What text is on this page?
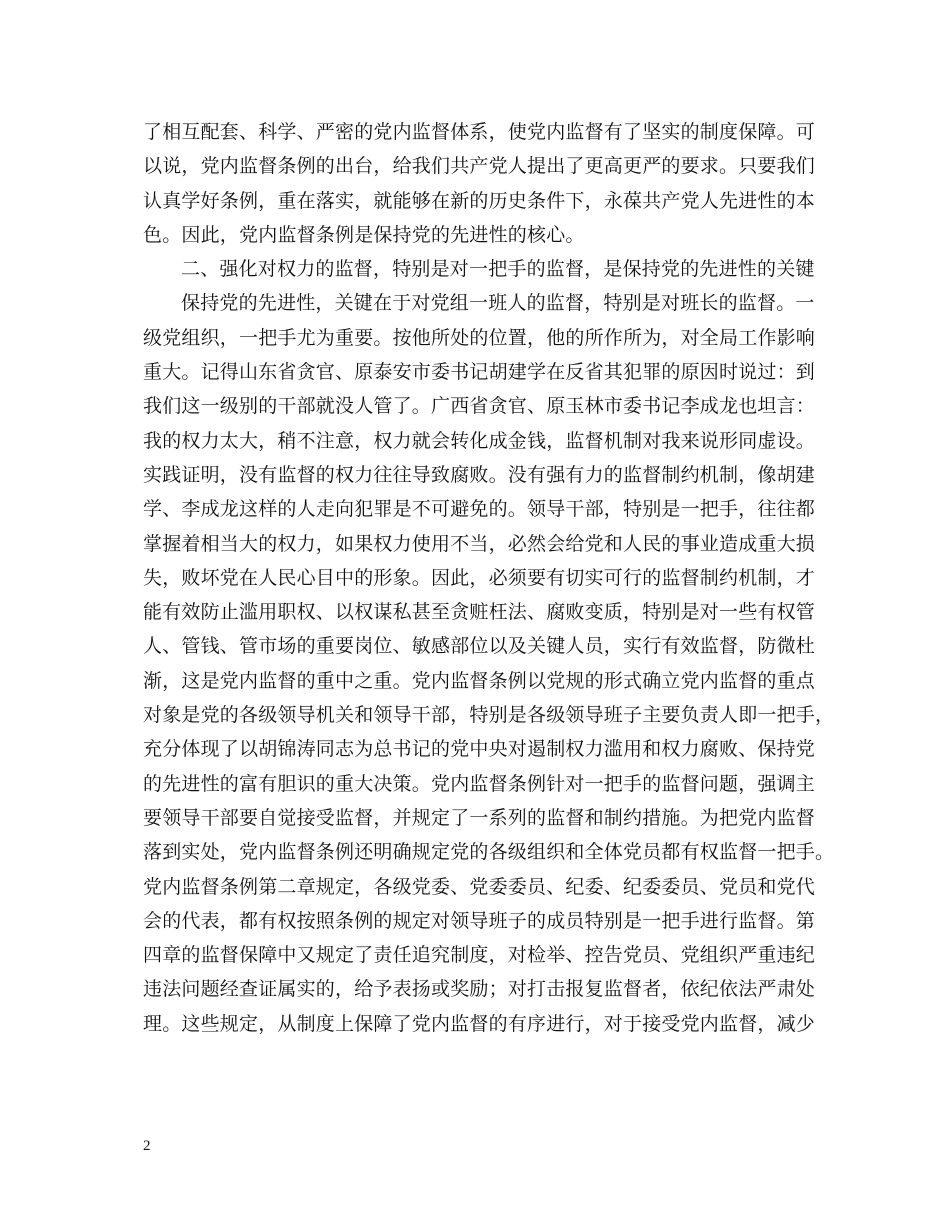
了相互配套、科学、严密的党内监督体系，使党内监督有了坚实的制度保障。可
以说，党内监督条例的出台，给我们共产党人提出了更高更严的要求。只要我们
认真学好条例，重在落实，就能够在新的历史条件下，永葆共产党人先进性的本
色。因此，党内监督条例是保持党的先进性的核心。
二、强化对权力的监督，特别是对一把手的监督，是保持党的先进性的关键
保持党的先进性，关键在于对党组一班人的监督，特别是对班长的监督。一
级党组织，一把手尤为重要。按他所处的位置，他的所作所为，对全局工作影响
重大。记得山东省贪官、原泰安市委书记胡建学在反省其犯罪的原因时说过：到
我们这一级别的干部就没人管了。广西省贪官、原玉林市委书记李成龙也坦言：
我的权力太大，稍不注意，权力就会转化成金钱，监督机制对我来说形同虚设。
实践证明，没有监督的权力往往导致腐败。没有强有力的监督制约机制，像胡建
学、李成龙这样的人走向犯罪是不可避免的。领导干部，特别是一把手，往往都
掌握着相当大的权力，如果权力使用不当，必然会给党和人民的事业造成重大损
失，败坏党在人民心目中的形象。因此，必须要有切实可行的监督制约机制，才
能有效防止滥用职权、以权谋私甚至贪赃枉法、腐败变质，特别是对一些有权管
人、管钱、管市场的重要岗位、敏感部位以及关键人员，实行有效监督，防微杜
渐，这是党内监督的重中之重。党内监督条例以党规的形式确立党内监督的重点
对象是党的各级领导机关和领导干部，特别是各级领导班子主要负责人即一把手，
充分体现了以胡锦涛同志为总书记的党中央对遏制权力滥用和权力腐败、保持党
的先进性的富有胆识的重大决策。党内监督条例针对一把手的监督问题，强调主
要领导干部要自觉接受监督，并规定了一系列的监督和制约措施。为把党内监督
落到实处，党内监督条例还明确规定党的各级组织和全体党员都有权监督一把手。
党内监督条例第二章规定，各级党委、党委委员、纪委、纪委委员、党员和党代
会的代表，都有权按照条例的规定对领导班子的成员特别是一把手进行监督。第
四章的监督保障中又规定了责任追究制度，对检举、控告党员、党组织严重违纪
违法问题经查证属实的，给予表扬或奖励；对打击报复监督者，依纪依法严肃处
理。这些规定，从制度上保障了党内监督的有序进行，对于接受党内监督，减少
2
